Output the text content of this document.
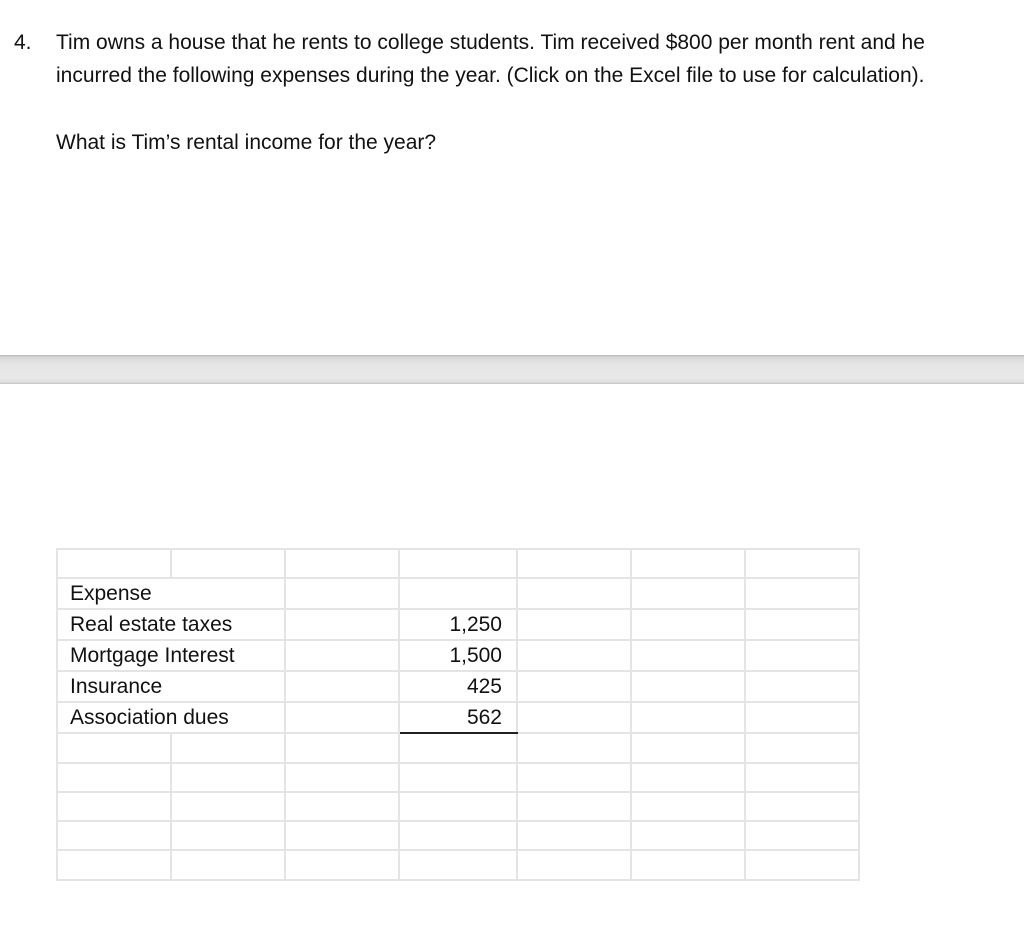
4. Tim owns a house that he rents to college students. Tim received $800 per month rent and he
incurred the following expenses during the year. (Click on the Excel file to use for calculation).
What is Tim’s rental income for the year?

Expense						
Real estate taxes			1,250			
Mortgage Interest			1,500			
Insurance			425			
Association dues			562			
